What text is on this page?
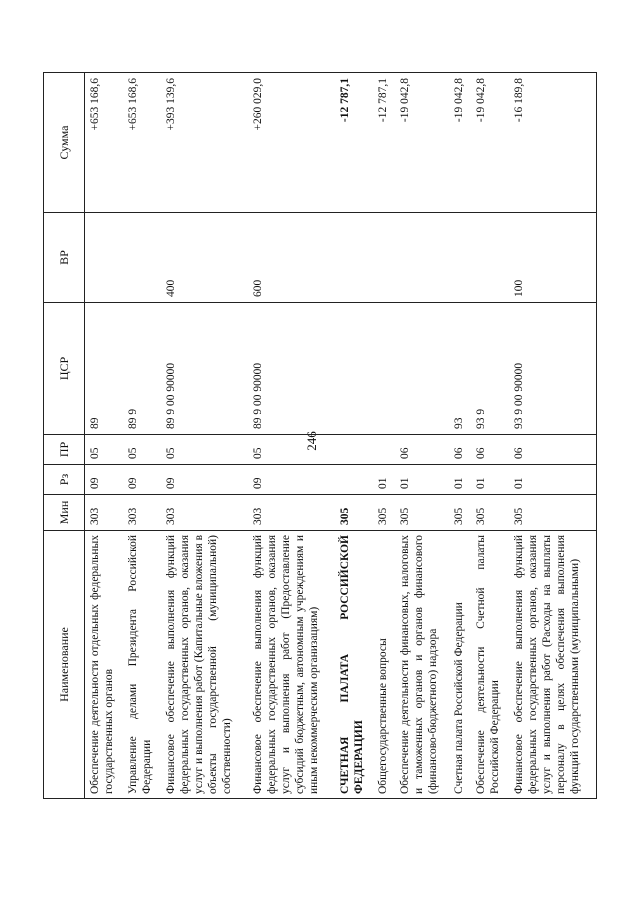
246
Наименование	Мин	Рз	ПР	ЦСР	ВР	Сумма
Обеспечение деятельности отдельных федеральных государственных органов	303	09	05	89		+653 168,6
Управление делами Президента Российской Федерации	303	09	05	89 9		+653 168,6
Финансовое обеспечение выполнения функций федеральных государственных органов, оказания услуг и выполнения работ (Капитальные вложения в объекты государственной (муниципальной) собственности)	303	09	05	89 9 00 90000	400	+393 139,6
Финансовое обеспечение выполнения функций федеральных государственных органов, оказания услуг и выполнения работ (Предоставление субсидий бюджетным, автономным учреждениям и иным некоммерческим организациям)	303	09	05	89 9 00 90000	600	+260 029,0
СЧЕТНАЯ ПАЛАТА РОССИЙСКОЙ ФЕДЕРАЦИИ	305					-12 787,1
Общегосударственные вопросы	305	01				-12 787,1
Обеспечение деятельности финансовых, налоговых и таможенных органов и органов финансового (финансово-бюджетного) надзора	305	01	06			-19 042,8
Счетная палата Российской Федерации	305	01	06	93		-19 042,8
Обеспечение деятельности Счетной палаты Российской Федерации	305	01	06	93 9		-19 042,8
Финансовое обеспечение выполнения функций федеральных государственных органов, оказания услуг и выполнения работ (Расходы на выплаты персоналу в целях обеспечения выполнения функций государственными (муниципальными)	305	01	06	93 9 00 90000	100	-16 189,8
